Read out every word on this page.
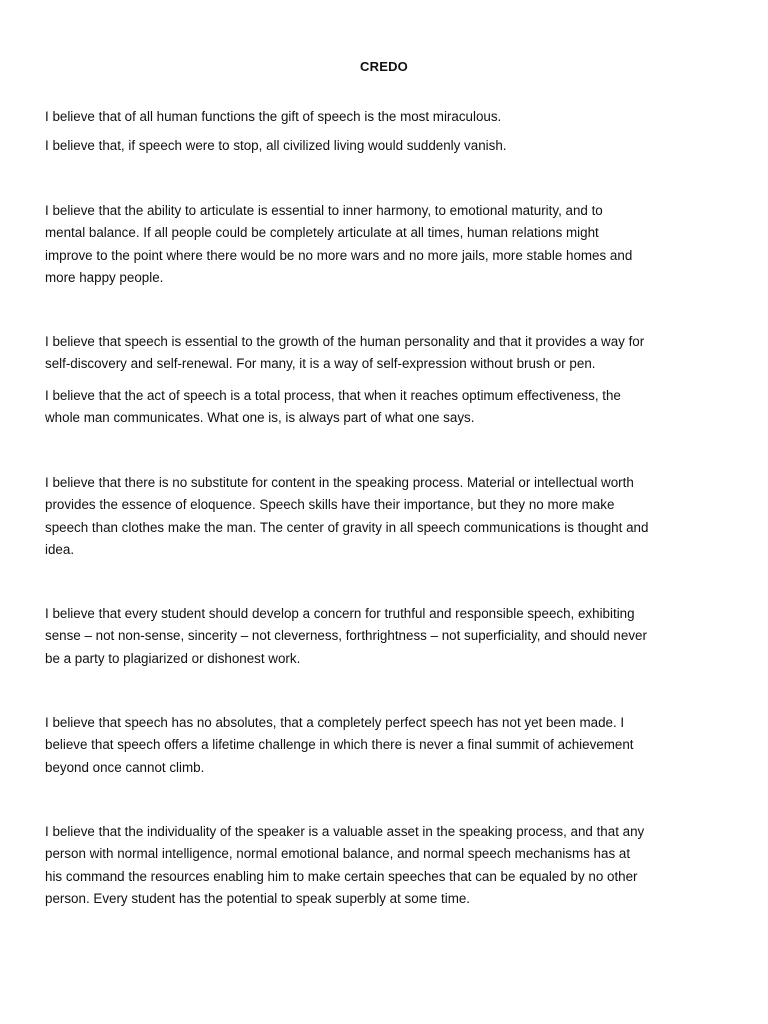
CREDO

I believe that of all human functions the gift of speech is the most miraculous.

I believe that, if speech were to stop, all civilized living would suddenly vanish.

I believe that the ability to articulate is essential to inner harmony, to emotional maturity, and to
mental balance. If all people could be completely articulate at all times, human relations might
improve to the point where there would be no more wars and no more jails, more stable homes and
more happy people.

I believe that speech is essential to the growth of the human personality and that it provides a way for
self-discovery and self-renewal. For many, it is a way of self-expression without brush or pen.

I believe that the act of speech is a total process, that when it reaches optimum effectiveness, the
whole man communicates. What one is, is always part of what one says.

I believe that there is no substitute for content in the speaking process. Material or intellectual worth
provides the essence of eloquence. Speech skills have their importance, but they no more make
speech than clothes make the man. The center of gravity in all speech communications is thought and
idea.

I believe that every student should develop a concern for truthful and responsible speech, exhibiting
sense – not non-sense, sincerity – not cleverness, forthrightness – not superficiality, and should never
be a party to plagiarized or dishonest work.

I believe that speech has no absolutes, that a completely perfect speech has not yet been made. I
believe that speech offers a lifetime challenge in which there is never a final summit of achievement
beyond once cannot climb.

I believe that the individuality of the speaker is a valuable asset in the speaking process, and that any
person with normal intelligence, normal emotional balance, and normal speech mechanisms has at
his command the resources enabling him to make certain speeches that can be equaled by no other
person. Every student has the potential to speak superbly at some time.
